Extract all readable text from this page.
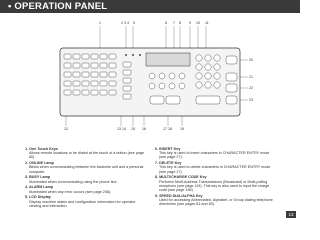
• OPERATION PANEL
1	2 3 4 5	6 7 8 9 10 11
20
21
22
23
12	13 14 15 16	17 18 19
1. One Touch Keys
Allows remote locations to be dialed at the touch of a button (see page 80).
2. ONLINE Lamp
Blinks when communicating between the facsimile unit and a personal computer.
3. BUSY Lamp
Illuminated when communicating using the phone line.
4. ALARM Lamp
Illuminated when any error occurs (see page 206).
5. LCD Display
Display machine status and configuration information for operator viewing and interaction.
6. INSERT Key
This key is used to insert characters in CHARACTER ENTRY mode (see page 27).
7. DELETE Key
This key is used to delete characters in CHARACTER ENTRY mode (see page 27).
8. MULTI/CHARGE CODE Key
Performs Multi-Address Transmissions (Broadcast) or Multi-polling receptions (see page 119). This key is also used to input the charge code (see page 156).
9. SPEED DIAL/ALPHA Key
Used for accessing Abbreviated, Alphabet, or Group dialing telephone directories (see pages 81 and 83).
13
